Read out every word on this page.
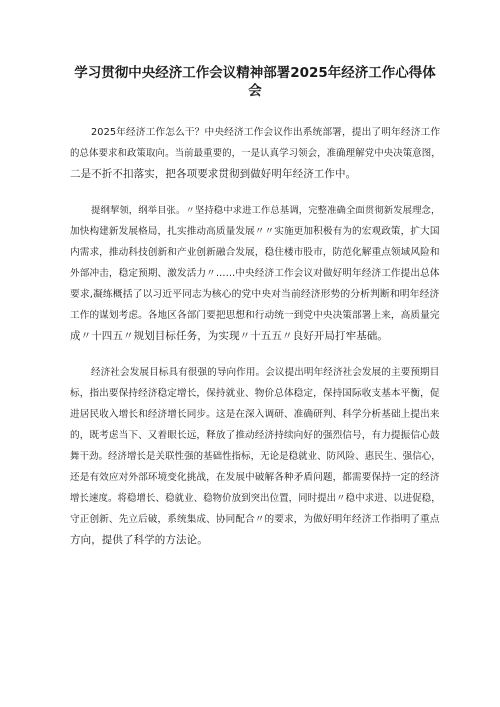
学习贯彻中央经济工作会议精神部署2025年经济工作心得体会
2025年经济工作怎么干？中央经济工作会议作出系统部署，提出了明年经济工作
的总体要求和政策取向。当前最重要的，一是认真学习领会，准确理解党中央决策意图，
二是不折不扣落实，把各项要求贯彻到做好明年经济工作中。
提纲挈领，纲举目张。〃坚持稳中求进工作总基调，完整准确全面贯彻新发展理念，
加快构建新发展格局，扎实推动高质量发展〃〃实施更加积极有为的宏观政策，扩大国
内需求，推动科技创新和产业创新融合发展，稳住楼市股市，防范化解重点领域风险和
外部冲击，稳定预期、激发活力〃……中央经济工作会议对做好明年经济工作提出总体
要求,凝练概括了以习近平同志为核心的党中央对当前经济形势的分析判断和明年经济
工作的谋划考虑。各地区各部门要把思想和行动统一到党中央决策部署上来，高质量完
成〃十四五〃规划目标任务，为实现〃十五五〃良好开局打牢基础。
经济社会发展目标具有很强的导向作用。会议提出明年经济社会发展的主要预期目
标，指出要保持经济稳定增长，保持就业、物价总体稳定，保持国际收支基本平衡，促
进居民收入增长和经济增长同步。这是在深入调研、准确研判、科学分析基础上提出来
的，既考虑当下、又着眼长远，释放了推动经济持续向好的强烈信号，有力提振信心鼓
舞干劲。经济增长是关联性强的基础性指标，无论是稳就业、防风险、惠民生、强信心，
还是有效应对外部环境变化挑战，在发展中破解各种矛盾问题，都需要保持一定的经济
增长速度。将稳增长、稳就业、稳物价放到突出位置，同时提出〃稳中求进、以进促稳，
守正创新、先立后破，系统集成、协同配合〃的要求，为做好明年经济工作指明了重点
方向，提供了科学的方法论。
